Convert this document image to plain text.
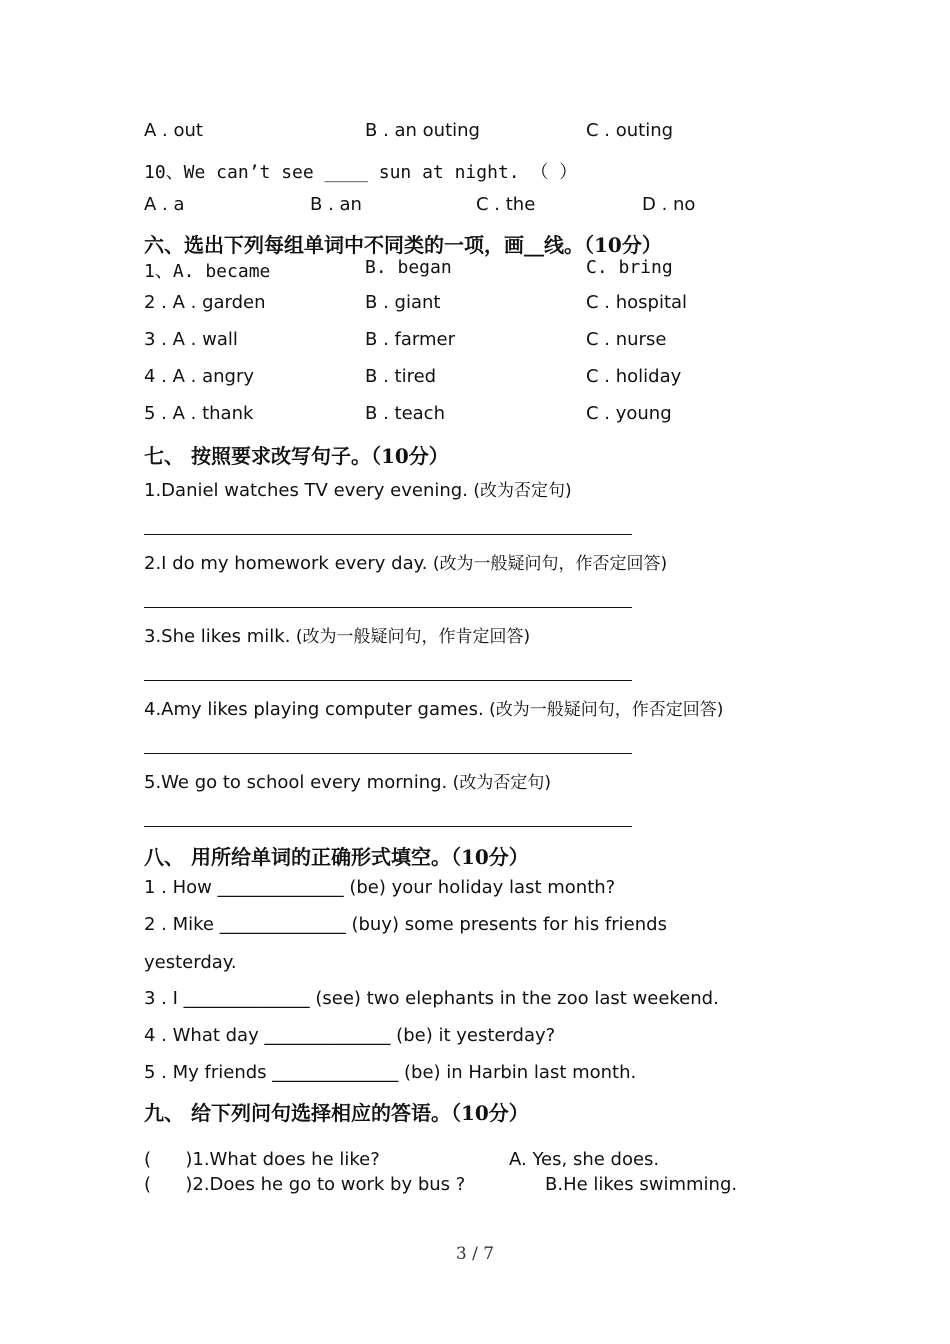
A . out	B . an outing	C . outing
10、We can’t see ____ sun at night. （ ）
A . a	B . an	C . the	D . no
六、选出下列每组单词中不同类的一项，画__线。（10分）
1、A. became	B. began	C. bring
2 . A . garden	B . giant	C . hospital
3 . A . wall	B . farmer	C . nurse
4 . A . angry	B . tired	C . holiday
5 . A . thank	B . teach	C . young
七、 按照要求改写句子。（10分）
1.Daniel watches TV every evening. (改为否定句)
2.I do my homework every day. (改为一般疑问句，作否定回答)
3.She likes milk. (改为一般疑问句，作肯定回答)
4.Amy likes playing computer games. (改为一般疑问句，作否定回答)
5.We go to school every morning. (改为否定句)
八、 用所给单词的正确形式填空。（10分）
1 . How ______________ (be) your holiday last month?
2 . Mike ______________ (buy) some presents for his friends
yesterday.
3 . I ______________ (see) two elephants in the zoo last weekend.
4 . What day ______________ (be) it yesterday?
5 . My friends ______________ (be) in Harbin last month.
九、 给下列问句选择相应的答语。（10分）
(      )1.What does he like?	A. Yes, she does.
(      )2.Does he go to work by bus ?	B.He likes swimming.
3 / 7
